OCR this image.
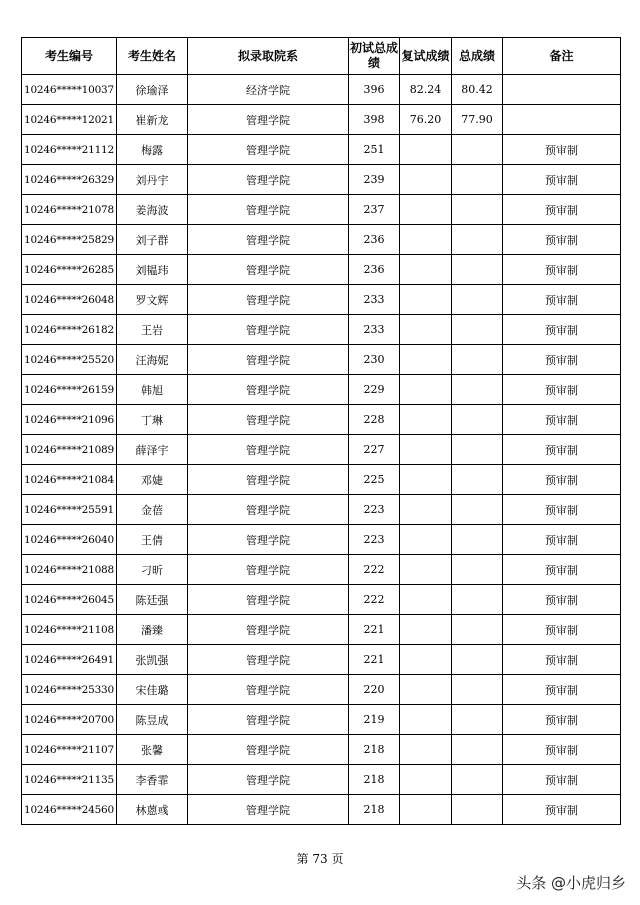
考生编号	考生姓名	拟录取院系	初试总成绩	复试成绩	总成绩	备注
10246*****10037	徐瑜泽	经济学院	396	82.24	80.42	
10246*****12021	崔新龙	管理学院	398	76.20	77.90	
10246*****21112	梅露	管理学院	251			预审制
10246*****26329	刘丹宇	管理学院	239			预审制
10246*****21078	姜海波	管理学院	237			预审制
10246*****25829	刘子群	管理学院	236			预审制
10246*****26285	刘韫玮	管理学院	236			预审制
10246*****26048	罗文辉	管理学院	233			预审制
10246*****26182	王岩	管理学院	233			预审制
10246*****25520	汪海妮	管理学院	230			预审制
10246*****26159	韩旭	管理学院	229			预审制
10246*****21096	丁琳	管理学院	228			预审制
10246*****21089	薛泽宇	管理学院	227			预审制
10246*****21084	邓婕	管理学院	225			预审制
10246*****25591	金蓓	管理学院	223			预审制
10246*****26040	王倩	管理学院	223			预审制
10246*****21088	刁昕	管理学院	222			预审制
10246*****26045	陈廷强	管理学院	222			预审制
10246*****21108	潘臻	管理学院	221			预审制
10246*****26491	张凯强	管理学院	221			预审制
10246*****25330	宋佳璐	管理学院	220			预审制
10246*****20700	陈昱成	管理学院	219			预审制
10246*****21107	张馨	管理学院	218			预审制
10246*****21135	李香霏	管理学院	218			预审制
10246*****24560	林蒽彧	管理学院	218			预审制
第 73 页
头条 @小虎归乡
